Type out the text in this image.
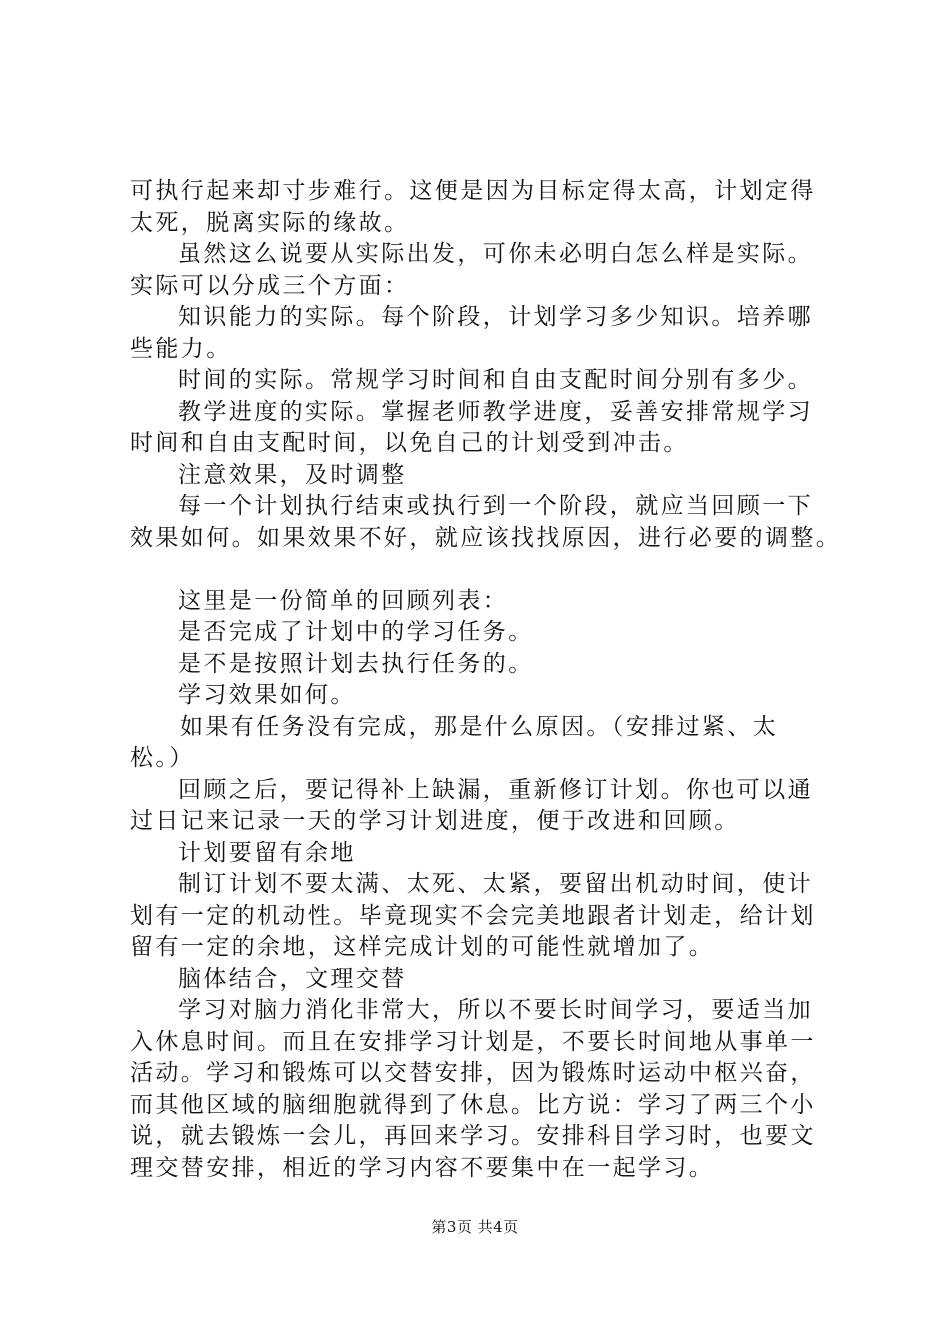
可执行起来却寸步难行。这便是因为目标定得太高，计划定得
太死，脱离实际的缘故。
虽然这么说要从实际出发，可你未必明白怎么样是实际。
实际可以分成三个方面：
知识能力的实际。每个阶段，计划学习多少知识。培养哪
些能力。
时间的实际。常规学习时间和自由支配时间分别有多少。
教学进度的实际。掌握老师教学进度，妥善安排常规学习
时间和自由支配时间，以免自己的计划受到冲击。
注意效果，及时调整
每一个计划执行结束或执行到一个阶段，就应当回顾一下
效果如何。如果效果不好，就应该找找原因，进行必要的调整。
这里是一份简单的回顾列表：
是否完成了计划中的学习任务。
是不是按照计划去执行任务的。
学习效果如何。
如果有任务没有完成，那是什么原因。（安排过紧、太
松。）
回顾之后，要记得补上缺漏，重新修订计划。你也可以通
过日记来记录一天的学习计划进度，便于改进和回顾。
计划要留有余地
制订计划不要太满、太死、太紧，要留出机动时间，使计
划有一定的机动性。毕竟现实不会完美地跟者计划走，给计划
留有一定的余地，这样完成计划的可能性就增加了。
脑体结合，文理交替
学习对脑力消化非常大，所以不要长时间学习，要适当加
入休息时间。而且在安排学习计划是，不要长时间地从事单一
活动。学习和锻炼可以交替安排，因为锻炼时运动中枢兴奋，
而其他区域的脑细胞就得到了休息。比方说：学习了两三个小
说，就去锻炼一会儿，再回来学习。安排科目学习时，也要文
理交替安排，相近的学习内容不要集中在一起学习。
第3页 共4页
